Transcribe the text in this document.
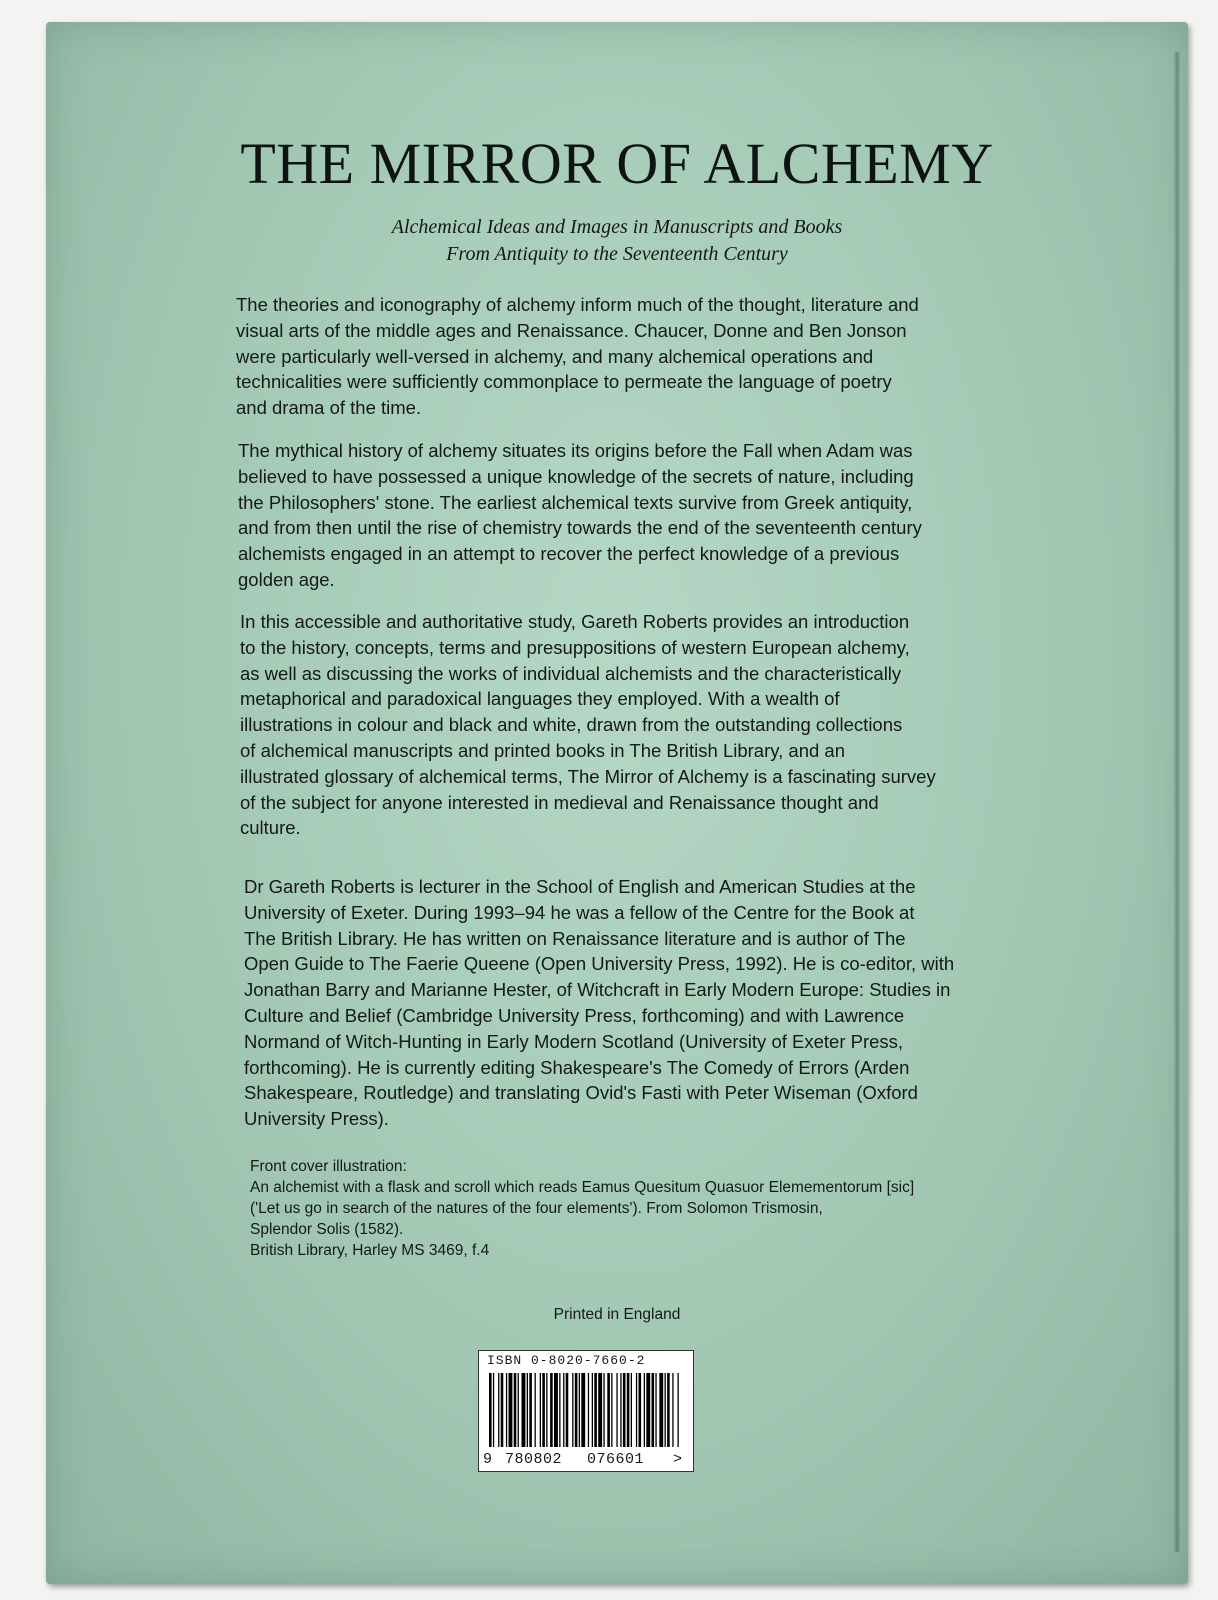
THE MIRROR OF ALCHEMY
Alchemical Ideas and Images in Manuscripts and Books
From Antiquity to the Seventeenth Century
The theories and iconography of alchemy inform much of the thought, literature and
visual arts of the middle ages and Renaissance. Chaucer, Donne and Ben Jonson
were particularly well-versed in alchemy, and many alchemical operations and
technicalities were sufficiently commonplace to permeate the language of poetry
and drama of the time.
The mythical history of alchemy situates its origins before the Fall when Adam was
believed to have possessed a unique knowledge of the secrets of nature, including
the Philosophers' stone. The earliest alchemical texts survive from Greek antiquity,
and from then until the rise of chemistry towards the end of the seventeenth century
alchemists engaged in an attempt to recover the perfect knowledge of a previous
golden age.
In this accessible and authoritative study, Gareth Roberts provides an introduction
to the history, concepts, terms and presuppositions of western European alchemy,
as well as discussing the works of individual alchemists and the characteristically
metaphorical and paradoxical languages they employed. With a wealth of
illustrations in colour and black and white, drawn from the outstanding collections
of alchemical manuscripts and printed books in The British Library, and an
illustrated glossary of alchemical terms, The Mirror of Alchemy is a fascinating survey
of the subject for anyone interested in medieval and Renaissance thought and
culture.
Dr Gareth Roberts is lecturer in the School of English and American Studies at the
University of Exeter. During 1993–94 he was a fellow of the Centre for the Book at
The British Library. He has written on Renaissance literature and is author of The
Open Guide to The Faerie Queene (Open University Press, 1992). He is co-editor, with
Jonathan Barry and Marianne Hester, of Witchcraft in Early Modern Europe: Studies in
Culture and Belief (Cambridge University Press, forthcoming) and with Lawrence
Normand of Witch-Hunting in Early Modern Scotland (University of Exeter Press,
forthcoming). He is currently editing Shakespeare's The Comedy of Errors (Arden
Shakespeare, Routledge) and translating Ovid's Fasti with Peter Wiseman (Oxford
University Press).
Front cover illustration:
An alchemist with a flask and scroll which reads Eamus Quesitum Quasuor Elemementorum [sic]
('Let us go in search of the natures of the four elements'). From Solomon Trismosin,
Splendor Solis (1582).
British Library, Harley MS 3469, f.4
Printed in England
ISBN 0-8020-7660-2
9 780802 076601 >
